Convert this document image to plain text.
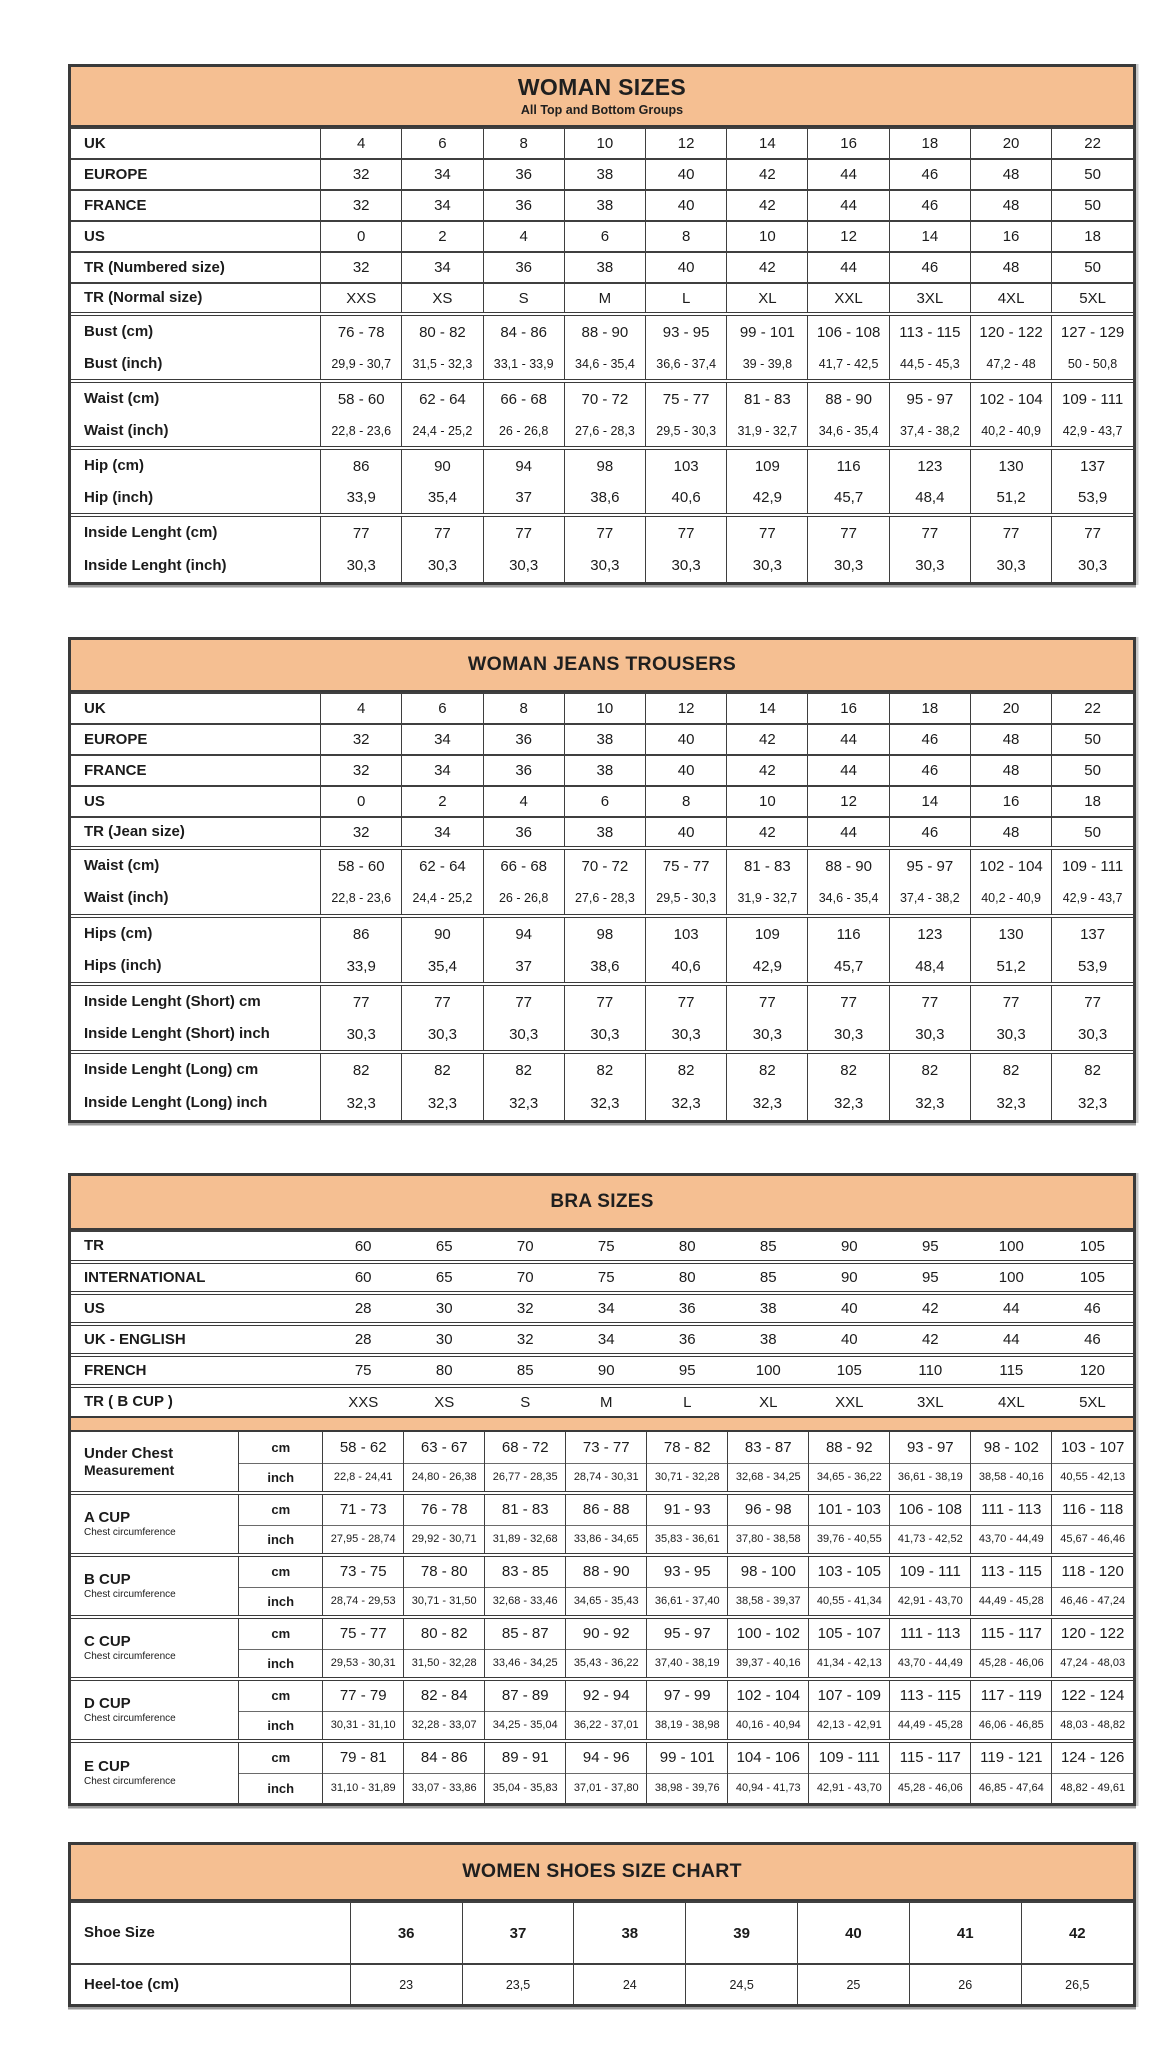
WOMAN SIZES
All Top and Bottom Groups
UK	4	6	8	10	12	14	16	18	20	22

EUROPE	32	34	36	38	40	42	44	46	48	50

FRANCE	32	34	36	38	40	42	44	46	48	50

US	0	2	4	6	8	10	12	14	16	18

TR (Numbered size)	32	34	36	38	40	42	44	46	48	50

TR (Normal size)	XXS	XS	S	M	L	XL	XXL	3XL	4XL	5XL

Bust (cm)	76 - 78	80 - 82	84 - 86	88 - 90	93 - 95	99 - 101	106 - 108	113 - 115	120 - 122	127 - 129

Bust (inch)	29,9 - 30,7	31,5 - 32,3	33,1 - 33,9	34,6 - 35,4	36,6 - 37,4	39 - 39,8	41,7 - 42,5	44,5 - 45,3	47,2 - 48	50 - 50,8

Waist (cm)	58 - 60	62 - 64	66 - 68	70 - 72	75 - 77	81 - 83	88 - 90	95 - 97	102 - 104	109 - 111

Waist (inch)	22,8 - 23,6	24,4 - 25,2	26 - 26,8	27,6 - 28,3	29,5 - 30,3	31,9 - 32,7	34,6 - 35,4	37,4 - 38,2	40,2 - 40,9	42,9 - 43,7

Hip (cm)	86	90	94	98	103	109	116	123	130	137

Hip (inch)	33,9	35,4	37	38,6	40,6	42,9	45,7	48,4	51,2	53,9

Inside Lenght (cm)	77	77	77	77	77	77	77	77	77	77

Inside Lenght (inch)	30,3	30,3	30,3	30,3	30,3	30,3	30,3	30,3	30,3	30,3
WOMAN JEANS TROUSERS
UK	4	6	8	10	12	14	16	18	20	22

EUROPE	32	34	36	38	40	42	44	46	48	50

FRANCE	32	34	36	38	40	42	44	46	48	50

US	0	2	4	6	8	10	12	14	16	18

TR (Jean size)	32	34	36	38	40	42	44	46	48	50

Waist (cm)	58 - 60	62 - 64	66 - 68	70 - 72	75 - 77	81 - 83	88 - 90	95 - 97	102 - 104	109 - 111

Waist (inch)	22,8 - 23,6	24,4 - 25,2	26 - 26,8	27,6 - 28,3	29,5 - 30,3	31,9 - 32,7	34,6 - 35,4	37,4 - 38,2	40,2 - 40,9	42,9 - 43,7

Hips (cm)	86	90	94	98	103	109	116	123	130	137

Hips (inch)	33,9	35,4	37	38,6	40,6	42,9	45,7	48,4	51,2	53,9

Inside Lenght (Short) cm	77	77	77	77	77	77	77	77	77	77

Inside Lenght (Short) inch	30,3	30,3	30,3	30,3	30,3	30,3	30,3	30,3	30,3	30,3

Inside Lenght (Long) cm	82	82	82	82	82	82	82	82	82	82

Inside Lenght (Long) inch	32,3	32,3	32,3	32,3	32,3	32,3	32,3	32,3	32,3	32,3
BRA SIZES
TR		60	65	70	75	80	85	90	95	100	105

INTERNATIONAL		60	65	70	75	80	85	90	95	100	105

US		28	30	32	34	36	38	40	42	44	46

UK - ENGLISH		28	30	32	34	36	38	40	42	44	46

FRENCH		75	80	85	90	95	100	105	110	115	120

TR ( B CUP )		XXS	XS	S	M	L	XL	XXL	3XL	4XL	5XL

Under Chest
Measurement	cm	58 - 62	63 - 67	68 - 72	73 - 77	78 - 82	83 - 87	88 - 92	93 - 97	98 - 102	103 - 107
	inch	22,8 - 24,41	24,80 - 26,38	26,77 - 28,35	28,74 - 30,31	30,71 - 32,28	32,68 - 34,25	34,65 - 36,22	36,61 - 38,19	38,58 - 40,16	40,55 - 42,13

A CUP
Chest circumference	cm	71 - 73	76 - 78	81 - 83	86 - 88	91 - 93	96 - 98	101 - 103	106 - 108	111 - 113	116 - 118
	inch	27,95 - 28,74	29,92 - 30,71	31,89 - 32,68	33,86 - 34,65	35,83 - 36,61	37,80 - 38,58	39,76 - 40,55	41,73 - 42,52	43,70 - 44,49	45,67 - 46,46

B CUP
Chest circumference	cm	73 - 75	78 - 80	83 - 85	88 - 90	93 - 95	98 - 100	103 - 105	109 - 111	113 - 115	118 - 120
	inch	28,74 - 29,53	30,71 - 31,50	32,68 - 33,46	34,65 - 35,43	36,61 - 37,40	38,58 - 39,37	40,55 - 41,34	42,91 - 43,70	44,49 - 45,28	46,46 - 47,24

C CUP
Chest circumference	cm	75 - 77	80 - 82	85 - 87	90 - 92	95 - 97	100 - 102	105 - 107	111 - 113	115 - 117	120 - 122
	inch	29,53 - 30,31	31,50 - 32,28	33,46 - 34,25	35,43 - 36,22	37,40 - 38,19	39,37 - 40,16	41,34 - 42,13	43,70 - 44,49	45,28 - 46,06	47,24 - 48,03

D CUP
Chest circumference	cm	77 - 79	82 - 84	87 - 89	92 - 94	97 - 99	102 - 104	107 - 109	113 - 115	117 - 119	122 - 124
	inch	30,31 - 31,10	32,28 - 33,07	34,25 - 35,04	36,22 - 37,01	38,19 - 38,98	40,16 - 40,94	42,13 - 42,91	44,49 - 45,28	46,06 - 46,85	48,03 - 48,82

E CUP
Chest circumference	cm	79 - 81	84 - 86	89 - 91	94 - 96	99 - 101	104 - 106	109 - 111	115 - 117	119 - 121	124 - 126
	inch	31,10 - 31,89	33,07 - 33,86	35,04 - 35,83	37,01 - 37,80	38,98 - 39,76	40,94 - 41,73	42,91 - 43,70	45,28 - 46,06	46,85 - 47,64	48,82 - 49,61
WOMEN SHOES SIZE CHART
Shoe Size	36	37	38	39	40	41	42

Heel-toe (cm)	23	23,5	24	24,5	25	26	26,5
